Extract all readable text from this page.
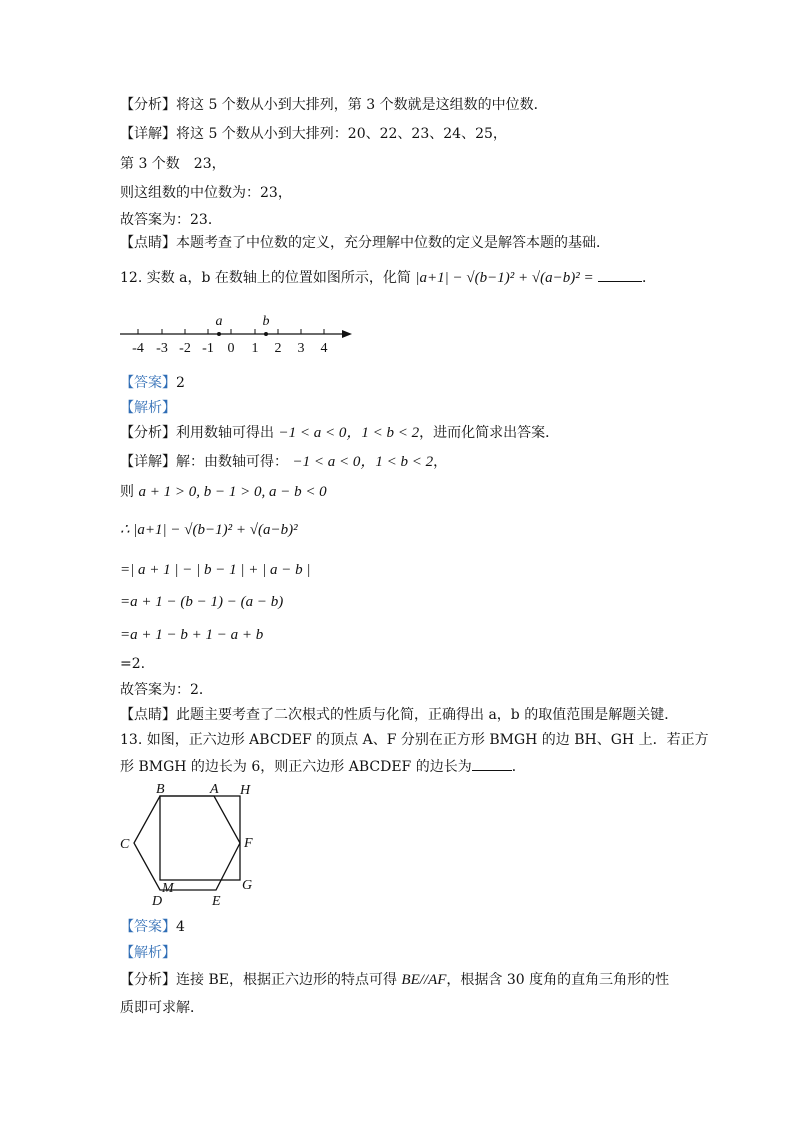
【分析】将这 5 个数从小到大排列，第 3 个数就是这组数的中位数．
【详解】将这 5 个数从小到大排列：20、22、23、24、25，
第 3 个数　23，
则这组数的中位数为：23，
故答案为：23．
【点睛】本题考查了中位数的定义，充分理解中位数的定义是解答本题的基础．
12. 实数 a，b 在数轴上的位置如图所示，化简 |a+1| − √(b−1)² + √(a−b)² =	．
a	b
-4 -3 -2 -1 0 1 2 3 4
【答案】2
【解析】
【分析】利用数轴可得出 −1 < a < 0，1 < b < 2，进而化简求出答案．
【详解】解：由数轴可得： −1 < a < 0，1 < b < 2，
则 a + 1 > 0, b − 1 > 0, a − b < 0
∴ |a+1| − √(b−1)² + √(a−b)²
=| a + 1 | − | b − 1 | + | a − b |
=a + 1 − (b − 1) − (a − b)
=a + 1 − b + 1 − a + b
=2.
故答案为：2．
【点睛】此题主要考查了二次根式的性质与化简，正确得出 a，b 的取值范围是解题关键．
13. 如图，正六边形 ABCDEF 的顶点 A、F 分别在正方形 BMGH 的边 BH、GH 上．若正方
形 BMGH 的边长为 6，则正六边形 ABCDEF 的边长为	．
B	A H
C	F
M	G
D	E
【答案】4
【解析】
【分析】连接 BE，根据正六边形的特点可得 BE//AF，根据含 30 度角的直角三角形的性
质即可求解．
